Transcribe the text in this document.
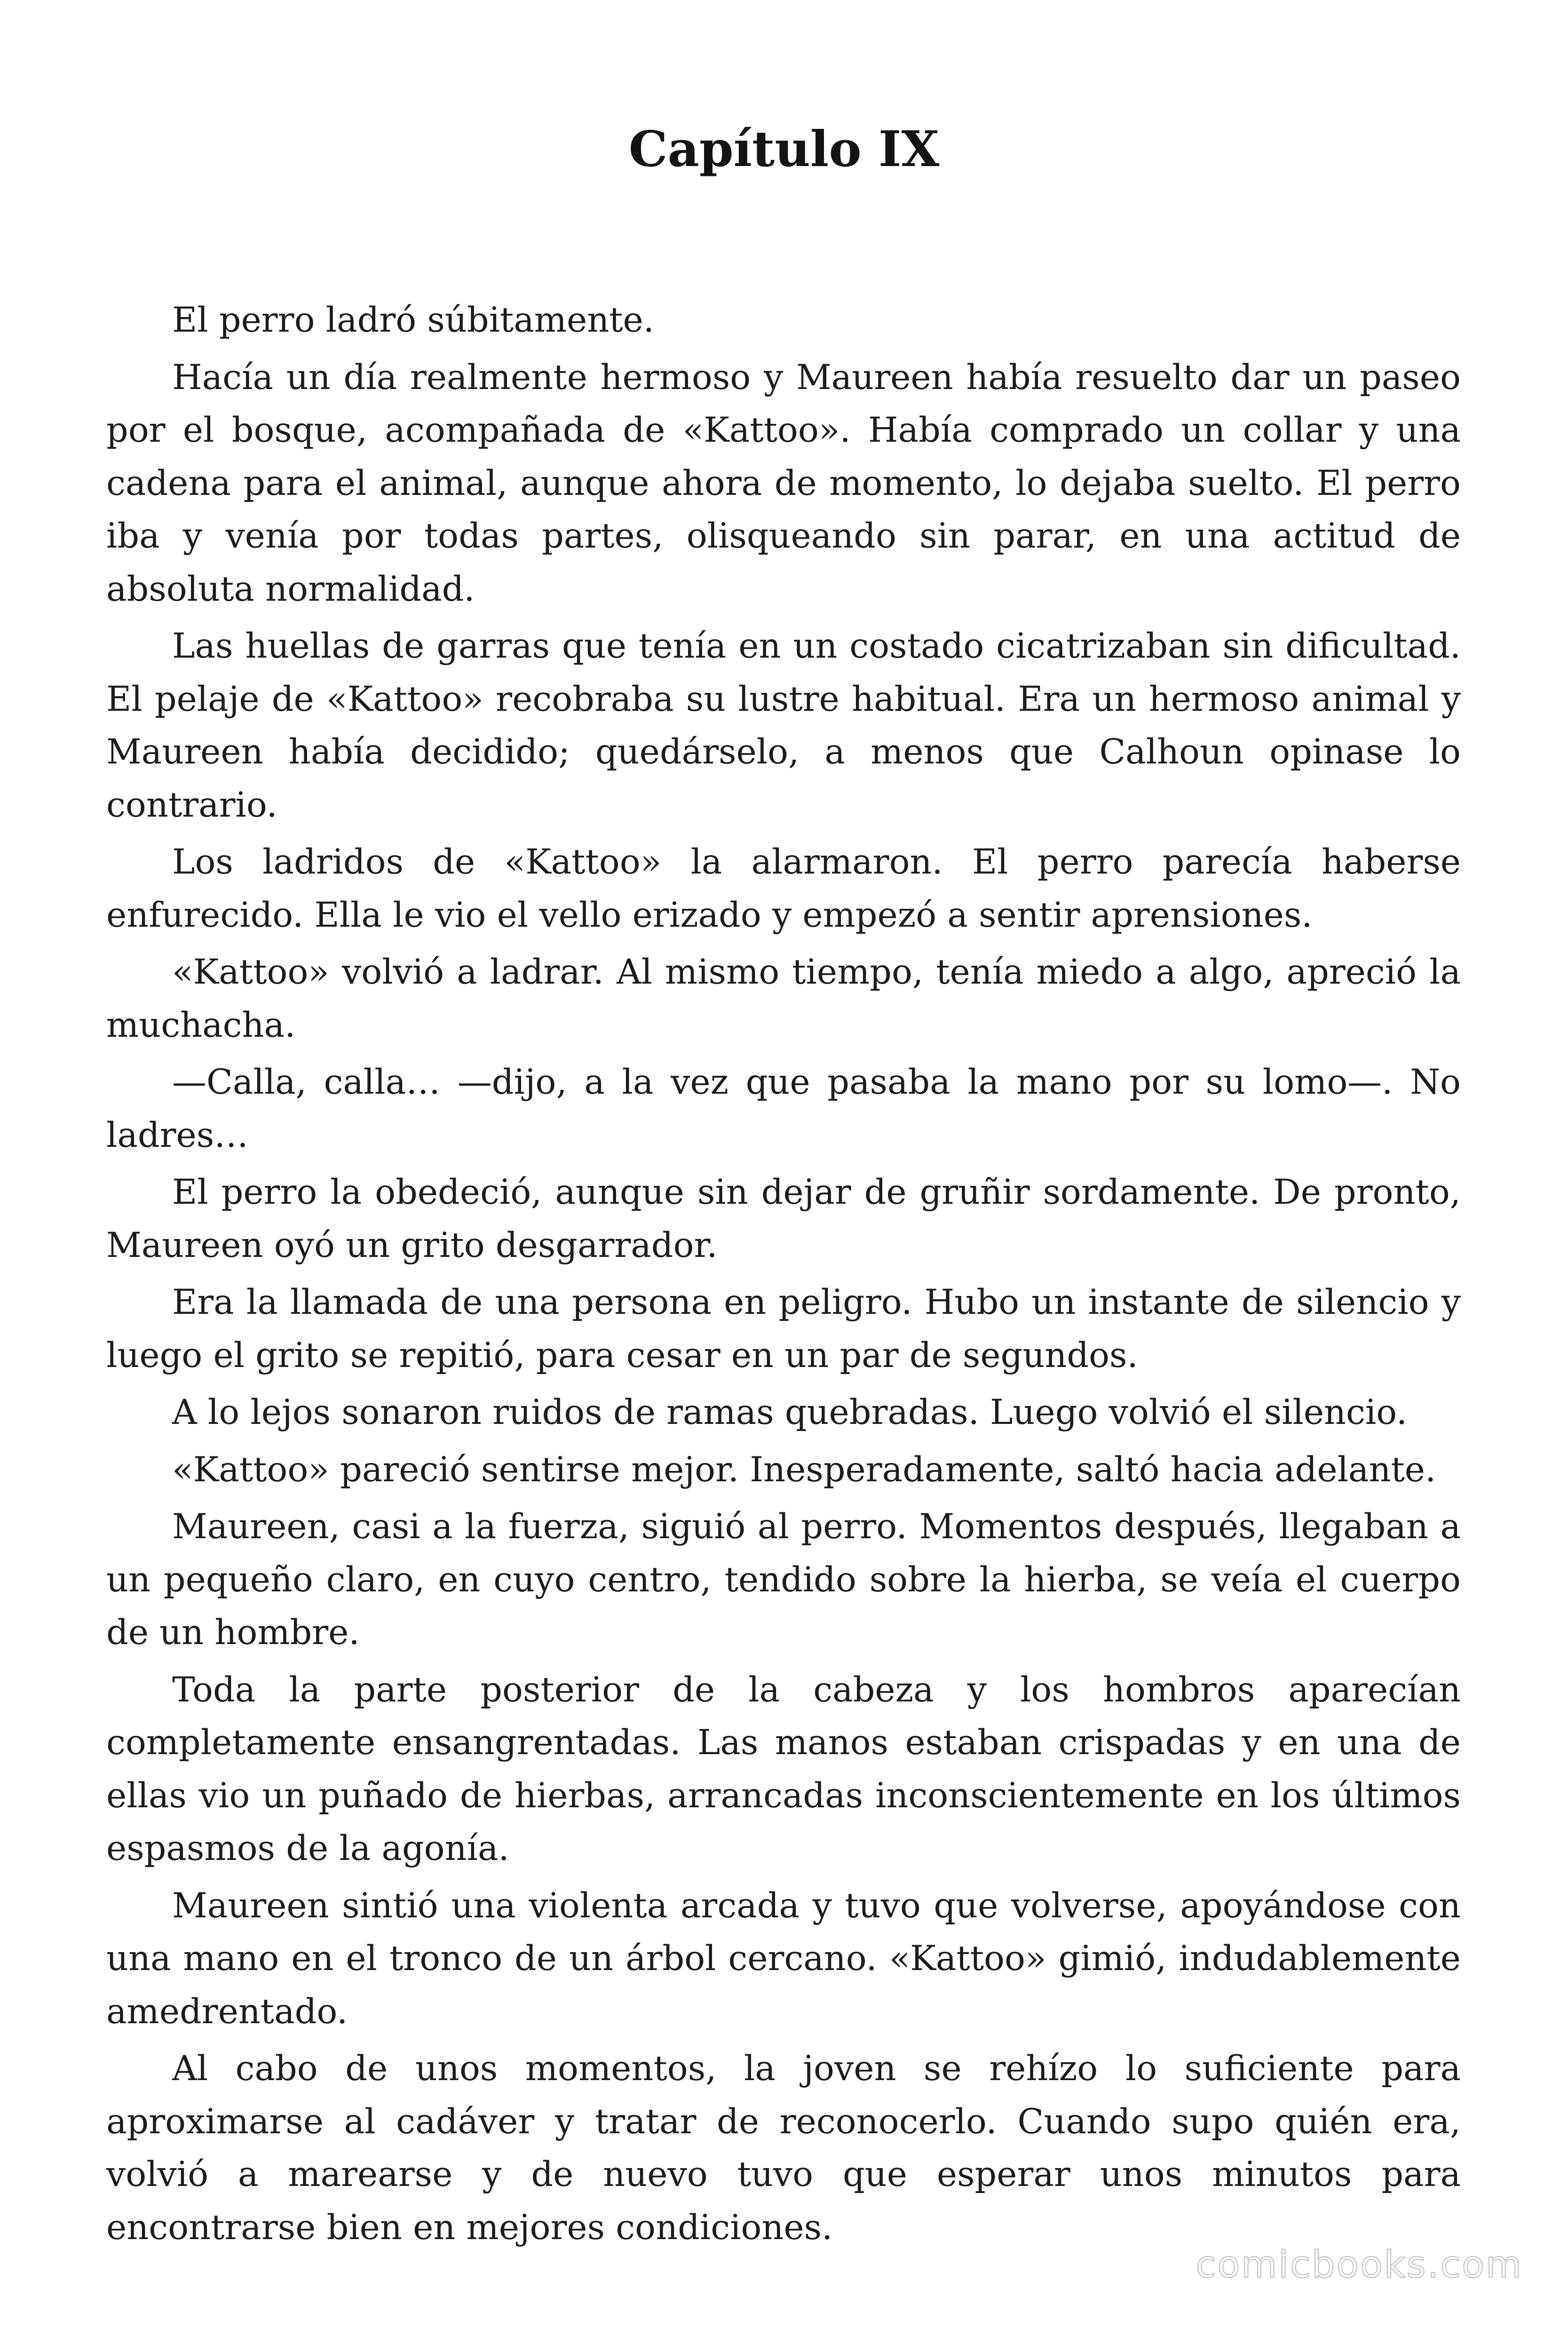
Capítulo IX

El perro ladró súbitamente.

Hacía un día realmente hermoso y Maureen había resuelto dar un paseo por el bosque, acompañada de «Kattoo». Había comprado un collar y una cadena para el animal, aunque ahora de momento, lo dejaba suelto. El perro iba y venía por todas partes, olisqueando sin parar, en una actitud de absoluta normalidad.

Las huellas de garras que tenía en un costado cicatrizaban sin dificultad. El pelaje de «Kattoo» recobraba su lustre habitual. Era un hermoso animal y Maureen había decidido; quedárselo, a menos que Calhoun opinase lo contrario.

Los ladridos de «Kattoo» la alarmaron. El perro parecía haberse enfurecido. Ella le vio el vello erizado y empezó a sentir aprensiones.

«Kattoo» volvió a ladrar. Al mismo tiempo, tenía miedo a algo, apreció la muchacha.

—Calla, calla… —dijo, a la vez que pasaba la mano por su lomo—. No ladres…

El perro la obedeció, aunque sin dejar de gruñir sordamente. De pronto, Maureen oyó un grito desgarrador.

Era la llamada de una persona en peligro. Hubo un instante de silencio y luego el grito se repitió, para cesar en un par de segundos.

A lo lejos sonaron ruidos de ramas quebradas. Luego volvió el silencio.

«Kattoo» pareció sentirse mejor. Inesperadamente, saltó hacia adelante.

Maureen, casi a la fuerza, siguió al perro. Momentos después, llegaban a un pequeño claro, en cuyo centro, tendido sobre la hierba, se veía el cuerpo de un hombre.

Toda la parte posterior de la cabeza y los hombros aparecían completamente ensangrentadas. Las manos estaban crispadas y en una de ellas vio un puñado de hierbas, arrancadas inconscientemente en los últimos espasmos de la agonía.

Maureen sintió una violenta arcada y tuvo que volverse, apoyándose con una mano en el tronco de un árbol cercano. «Kattoo» gimió, indudablemente amedrentado.

Al cabo de unos momentos, la joven se rehízo lo suficiente para aproximarse al cadáver y tratar de reconocerlo. Cuando supo quién era, volvió a marearse y de nuevo tuvo que esperar unos minutos para encontrarse bien en mejores condiciones.

comicbooks.com
